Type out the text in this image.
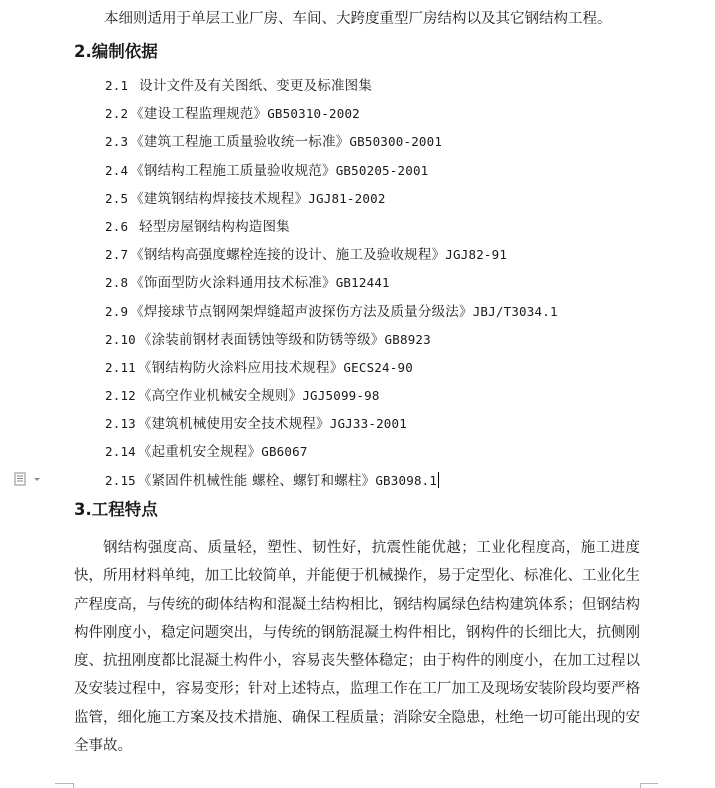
本细则适用于单层工业厂房、车间、大跨度重型厂房结构以及其它钢结构工程。
2.编制依据
2.1  设计文件及有关图纸、变更及标准图集
2.2 《建设工程监理规范》GB50310-2002
2.3 《建筑工程施工质量验收统一标准》GB50300-2001
2.4 《钢结构工程施工质量验收规范》GB50205-2001
2.5 《建筑钢结构焊接技术规程》JGJ81-2002
2.6  轻型房屋钢结构构造图集
2.7 《钢结构高强度螺栓连接的设计、施工及验收规程》JGJ82-91
2.8 《饰面型防火涂料通用技术标准》GB12441
2.9 《焊接球节点钢网架焊缝超声波探伤方法及质量分级法》JBJ/T3034.1
2.10 《涂装前钢材表面锈蚀等级和防锈等级》GB8923
2.11 《钢结构防火涂料应用技术规程》GECS24-90
2.12 《高空作业机械安全规则》JGJ5099-98
2.13 《建筑机械使用安全技术规程》JGJ33-2001
2.14 《起重机安全规程》GB6067
2.15 《紧固件机械性能 螺栓、螺钉和螺柱》GB3098.1
3.工程特点

钢结构强度高、质量轻，塑性、韧性好，抗震性能优越；工业化程度高，施工进度快，所用材料单纯，加工比较简单，并能便于机械操作，易于定型化、标准化、工业化生产程度高，与传统的砌体结构和混凝土结构相比，钢结构属绿色结构建筑体系；但钢结构构件刚度小，稳定问题突出，与传统的钢筋混凝土构件相比，钢构件的长细比大，抗侧刚度、抗扭刚度都比混凝土构件小，容易丧失整体稳定；由于构件的刚度小，在加工过程以及安装过程中，容易变形；针对上述特点，监理工作在工厂加工及现场安装阶段均要严格监管，细化施工方案及技术措施、确保工程质量；消除安全隐患，杜绝一切可能出现的安全事故。
